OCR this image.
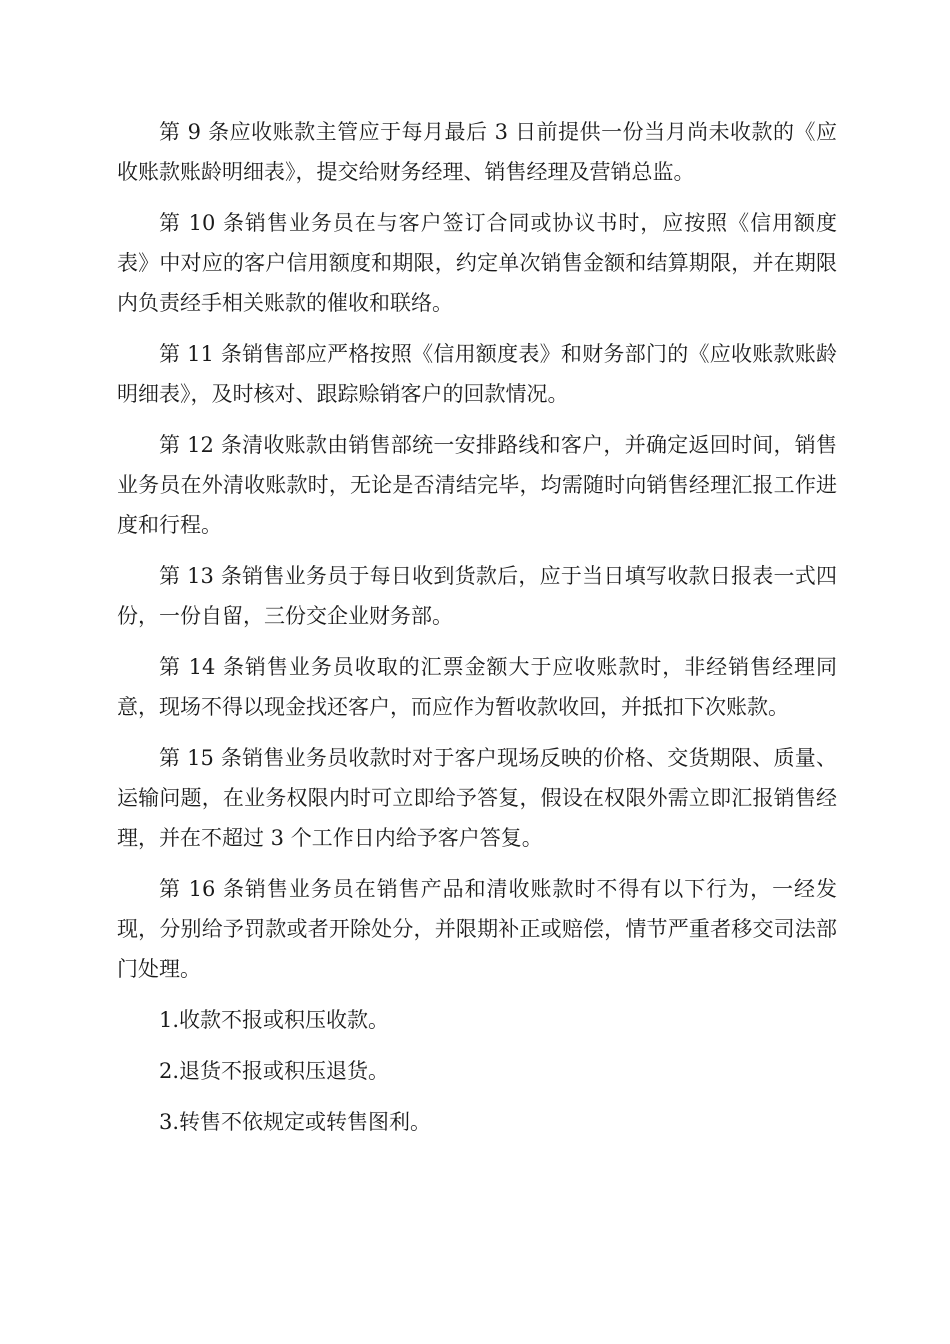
第 9 条应收账款主管应于每月最后 3 日前提供一份当月尚未收款的《应收账款账龄明细表》，提交给财务经理、销售经理及营销总监。

第 10 条销售业务员在与客户签订合同或协议书时，应按照《信用额度表》中对应的客户信用额度和期限，约定单次销售金额和结算期限，并在期限内负责经手相关账款的催收和联络。

第 11 条销售部应严格按照《信用额度表》和财务部门的《应收账款账龄明细表》，及时核对、跟踪赊销客户的回款情况。

第 12 条清收账款由销售部统一安排路线和客户，并确定返回时间，销售业务员在外清收账款时，无论是否清结完毕，均需随时向销售经理汇报工作进度和行程。

第 13 条销售业务员于每日收到货款后，应于当日填写收款日报表一式四份，一份自留，三份交企业财务部。

第 14 条销售业务员收取的汇票金额大于应收账款时，非经销售经理同意，现场不得以现金找还客户，而应作为暂收款收回，并抵扣下次账款。

第 15 条销售业务员收款时对于客户现场反映的价格、交货期限、质量、运输问题，在业务权限内时可立即给予答复，假设在权限外需立即汇报销售经理，并在不超过 3 个工作日内给予客户答复。

第 16 条销售业务员在销售产品和清收账款时不得有以下行为，一经发现，分别给予罚款或者开除处分，并限期补正或赔偿，情节严重者移交司法部门处理。

1.收款不报或积压收款。

2.退货不报或积压退货。

3.转售不依规定或转售图利。
